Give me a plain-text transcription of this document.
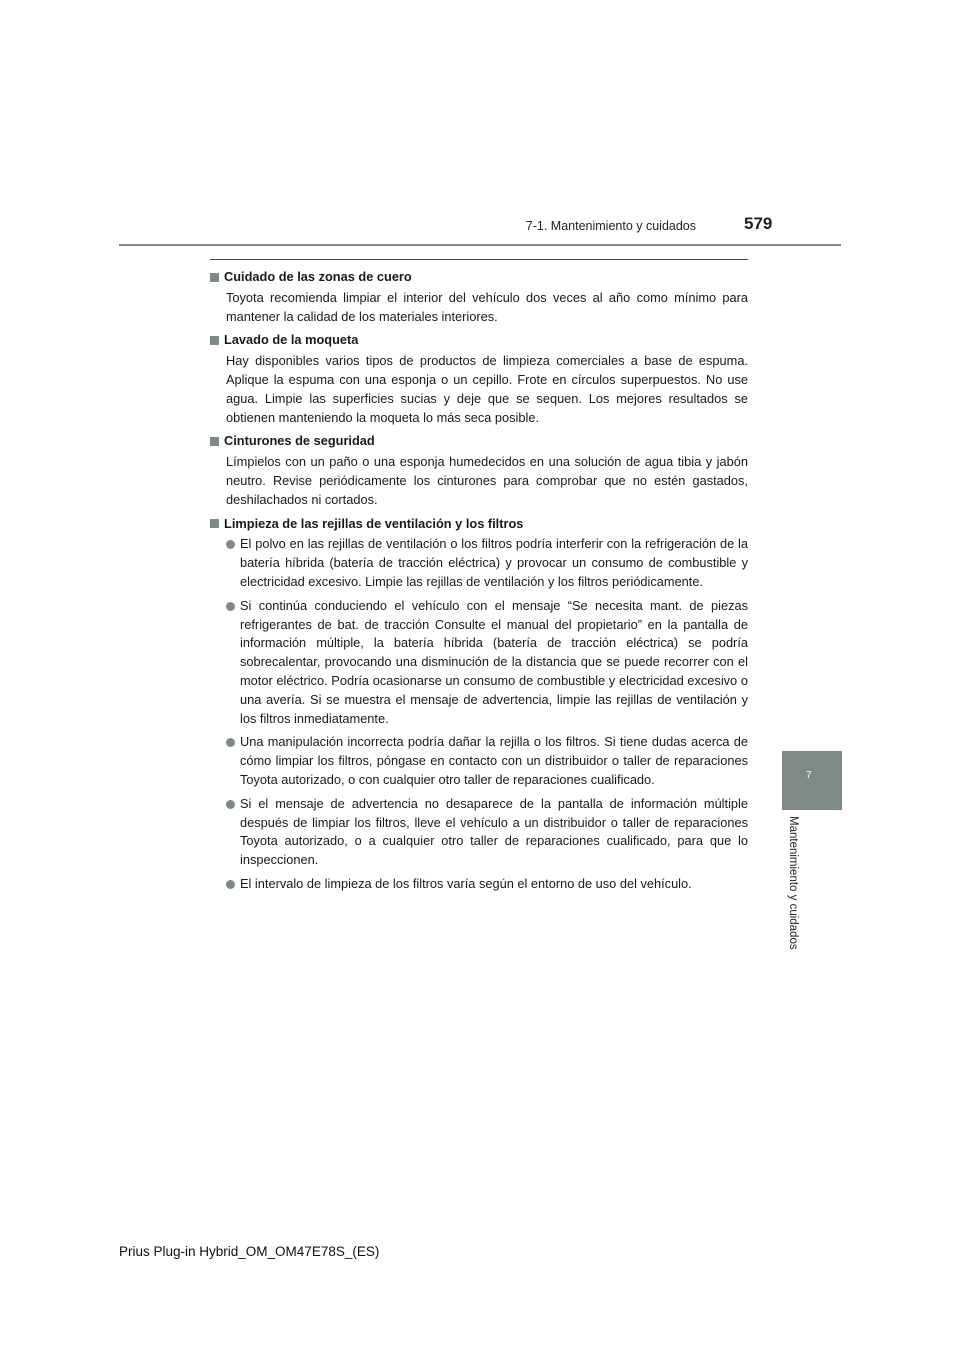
7-1. Mantenimiento y cuidados	579
7
Mantenimiento y cuidados
Cuidado de las zonas de cuero
Toyota recomienda limpiar el interior del vehículo dos veces al año como mínimo para mantener la calidad de los materiales interiores.
Lavado de la moqueta
Hay disponibles varios tipos de productos de limpieza comerciales a base de espuma. Aplique la espuma con una esponja o un cepillo. Frote en círculos superpuestos. No use agua. Limpie las superficies sucias y deje que se sequen. Los mejores resultados se obtienen manteniendo la moqueta lo más seca posible.
Cinturones de seguridad
Límpielos con un paño o una esponja humedecidos en una solución de agua tibia y jabón neutro. Revise periódicamente los cinturones para comprobar que no estén gastados, deshilachados ni cortados.
Limpieza de las rejillas de ventilación y los filtros
El polvo en las rejillas de ventilación o los filtros podría interferir con la refrigeración de la batería híbrida (batería de tracción eléctrica) y provocar un consumo de combustible y electricidad excesivo. Limpie las rejillas de ventilación y los filtros periódicamente.
Si continúa conduciendo el vehículo con el mensaje “Se necesita mant. de piezas refrigerantes de bat. de tracción Consulte el manual del propietario” en la pantalla de información múltiple, la batería híbrida (batería de tracción eléctrica) se podría sobrecalentar, provocando una disminución de la distancia que se puede recorrer con el motor eléctrico. Podría ocasionarse un consumo de combustible y electricidad excesivo o una avería. Si se muestra el mensaje de advertencia, limpie las rejillas de ventilación y los filtros inmediatamente.
Una manipulación incorrecta podría dañar la rejilla o los filtros. Si tiene dudas acerca de cómo limpiar los filtros, póngase en contacto con un distribuidor o taller de reparaciones Toyota autorizado, o con cualquier otro taller de reparaciones cualificado.
Si el mensaje de advertencia no desaparece de la pantalla de información múltiple después de limpiar los filtros, lleve el vehículo a un distribuidor o taller de reparaciones Toyota autorizado, o a cualquier otro taller de reparaciones cualificado, para que lo inspeccionen.
El intervalo de limpieza de los filtros varía según el entorno de uso del vehículo.
Prius Plug-in Hybrid_OM_OM47E78S_(ES)
